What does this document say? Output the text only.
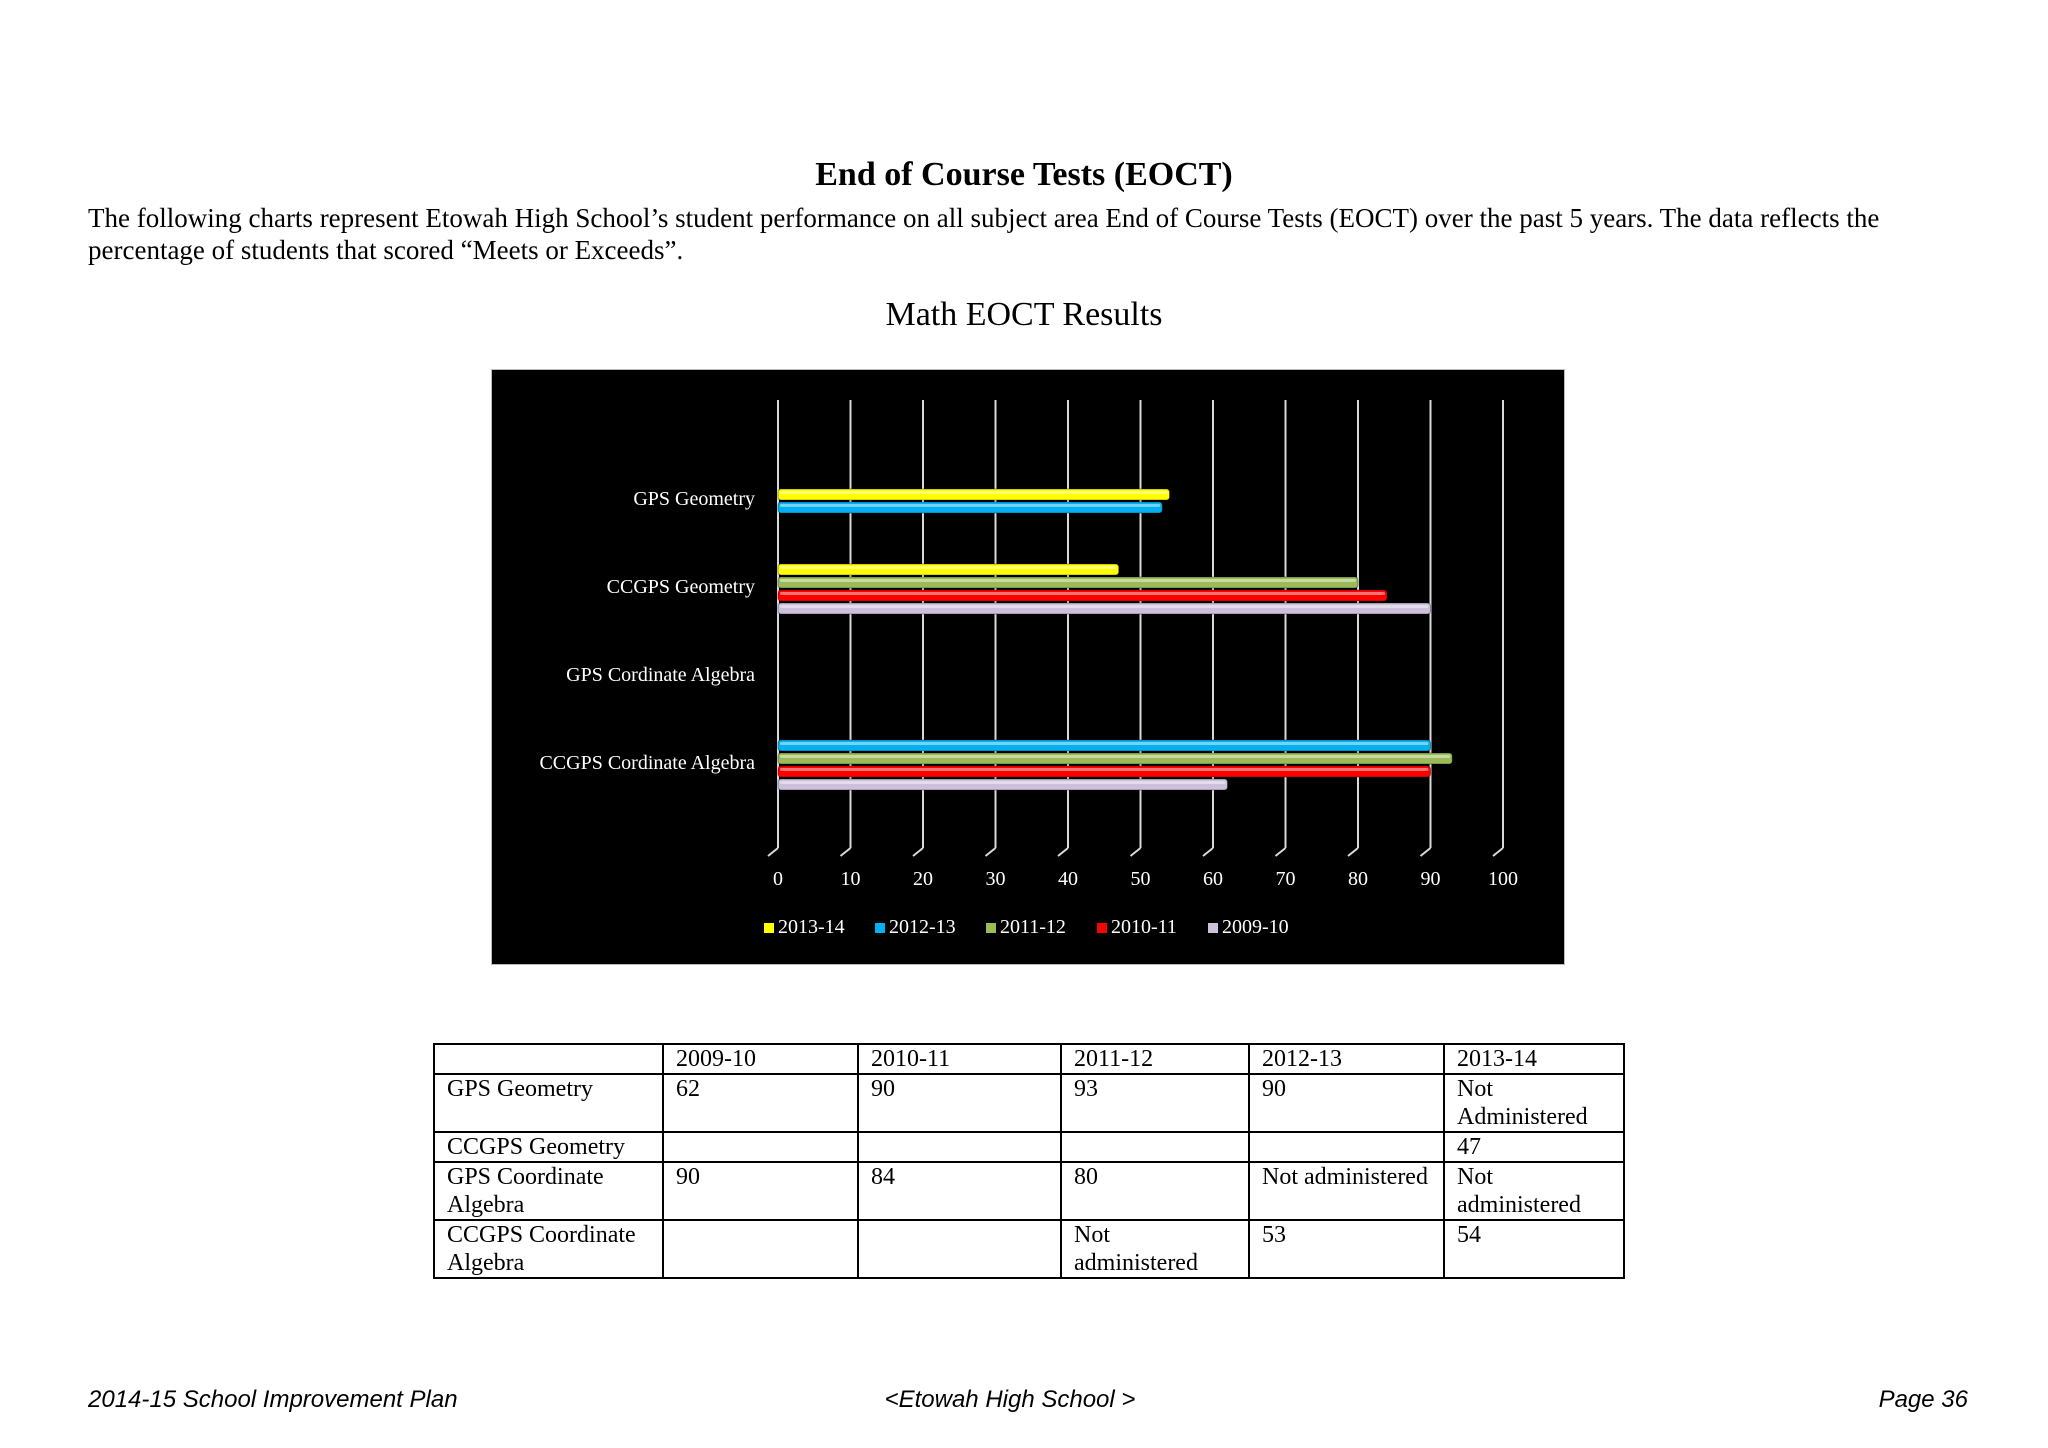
End of Course Tests (EOCT)
The following charts represent Etowah High School’s student performance on all subject area End of Course Tests (EOCT) over the past 5 years. The data reflects the percentage of students that scored “Meets or Exceeds”.
Math EOCT Results
0	10	20	30	40	50	60	70	80	90 100
GPS Geometry
CCGPS Geometry
GPS Cordinate Algebra
CCGPS Cordinate Algebra
2013-14 2012-13 2011-12 2010-11 2009-10
	2009-10	2010-11	2011-12	2012-13	2013-14
GPS Geometry	62	90	93	90	Not Administered
CCGPS Geometry					47
GPS Coordinate Algebra	90	84	80	Not administered	Not administered
CCGPS Coordinate Algebra			Not administered	53	54
2014-15 School Improvement Plan	<Etowah High School >	Page 36
